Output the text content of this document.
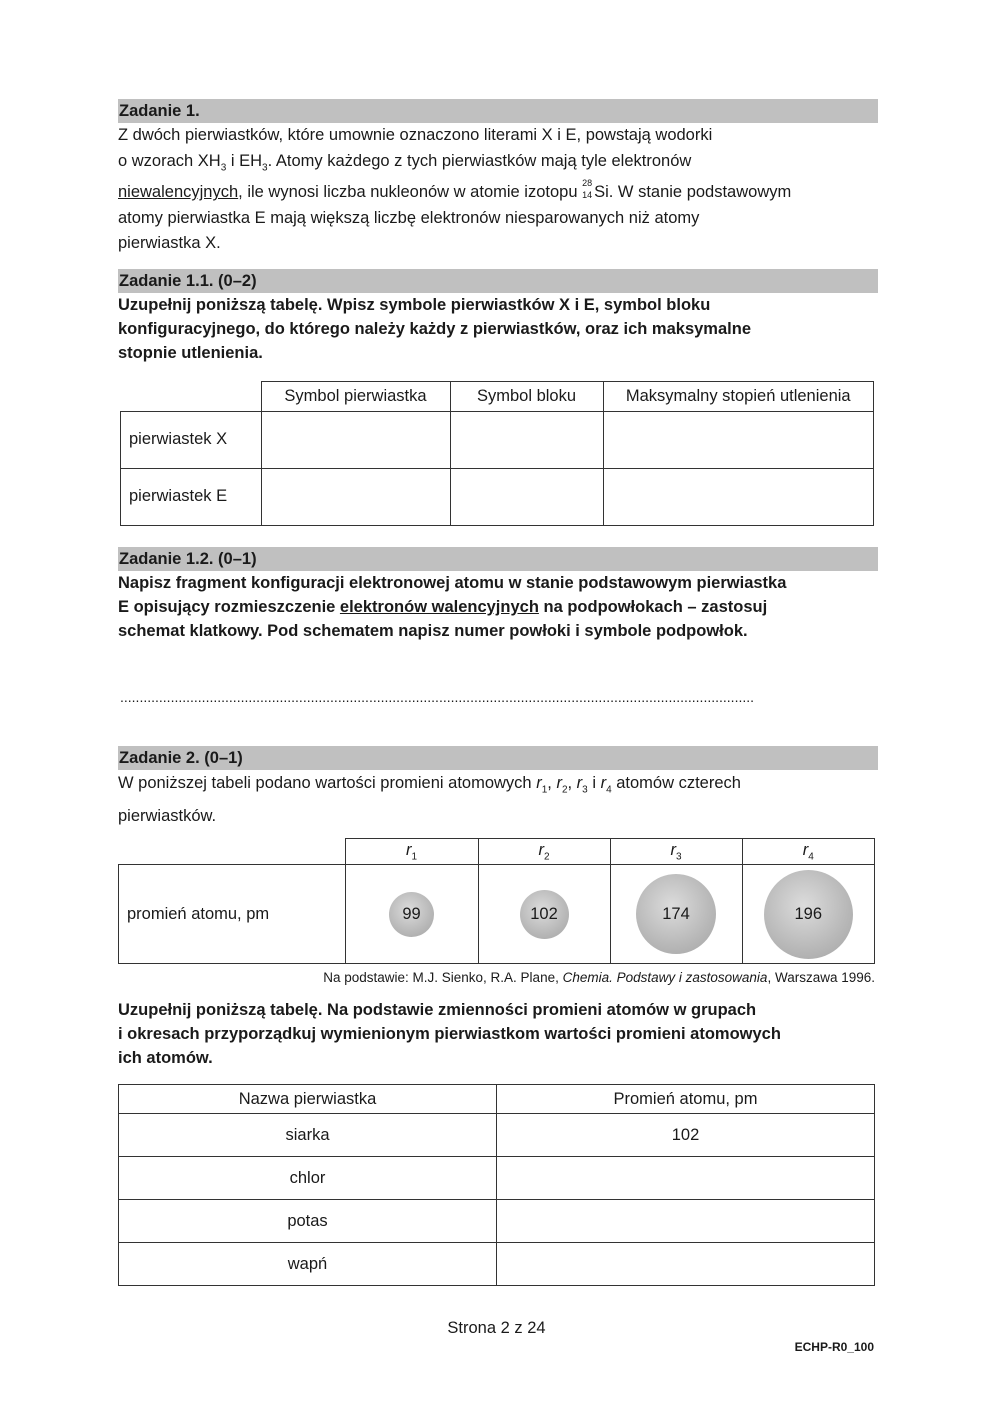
Zadanie 1.

Z dwóch pierwiastków, które umownie oznaczono literami X i E, powstają wodorki
o wzorach $XH_3$ i $EH_3$. Atomy każdego z tych pierwiastków mają tyle elektronów
niewalencyjnych, ile wynosi liczba nukleonów w atomie izotopu 28
14 Si. W stanie podstawowym
atomy pierwiastka E mają większą liczbę elektronów niesparowanych niż atomy
pierwiastka X.

Zadanie 1.1. (0–2)

Uzupełnij poniższą tabelę. Wpisz symbole pierwiastków X i E, symbol bloku
konfiguracyjnego, do którego należy każdy z pierwiastków, oraz ich maksymalne
stopnie utlenienia.

	Symbol pierwiastka	Symbol bloku	Maksymalny stopień utlenienia
pierwiastek X			
pierwiastek E			
Zadanie 1.2. (0–1)

Napisz fragment konfiguracji elektronowej atomu w stanie podstawowym pierwiastka
E opisujący rozmieszczenie elektronów walencyjnych na podpowłokach – zastosuj
schemat klatkowy. Pod schematem napisz numer powłoki i symbole podpowłok.

...................................................................................................................................................................
Zadanie 2. (0–1)

W poniższej tabeli podano wartości promieni atomowych $r_1$, $r_2$, $r_3$ i $r_4$ atomów czterech
pierwiastków.

	$r_1$	$r_2$	$r_3$	$r_4$
promień atomu, pm	99	102	174	196
Na podstawie: M.J. Sienko, R.A. Plane, Chemia. Podstawy i zastosowania, Warszawa 1996.

Uzupełnij poniższą tabelę. Na podstawie zmienności promieni atomów w grupach
i okresach przyporządkuj wymienionym pierwiastkom wartości promieni atomowych
ich atomów.

Nazwa pierwiastka	Promień atomu, pm
siarka	102
chlor	
potas	
wapń	
Strona 2 z 24
ECHP-R0_100
